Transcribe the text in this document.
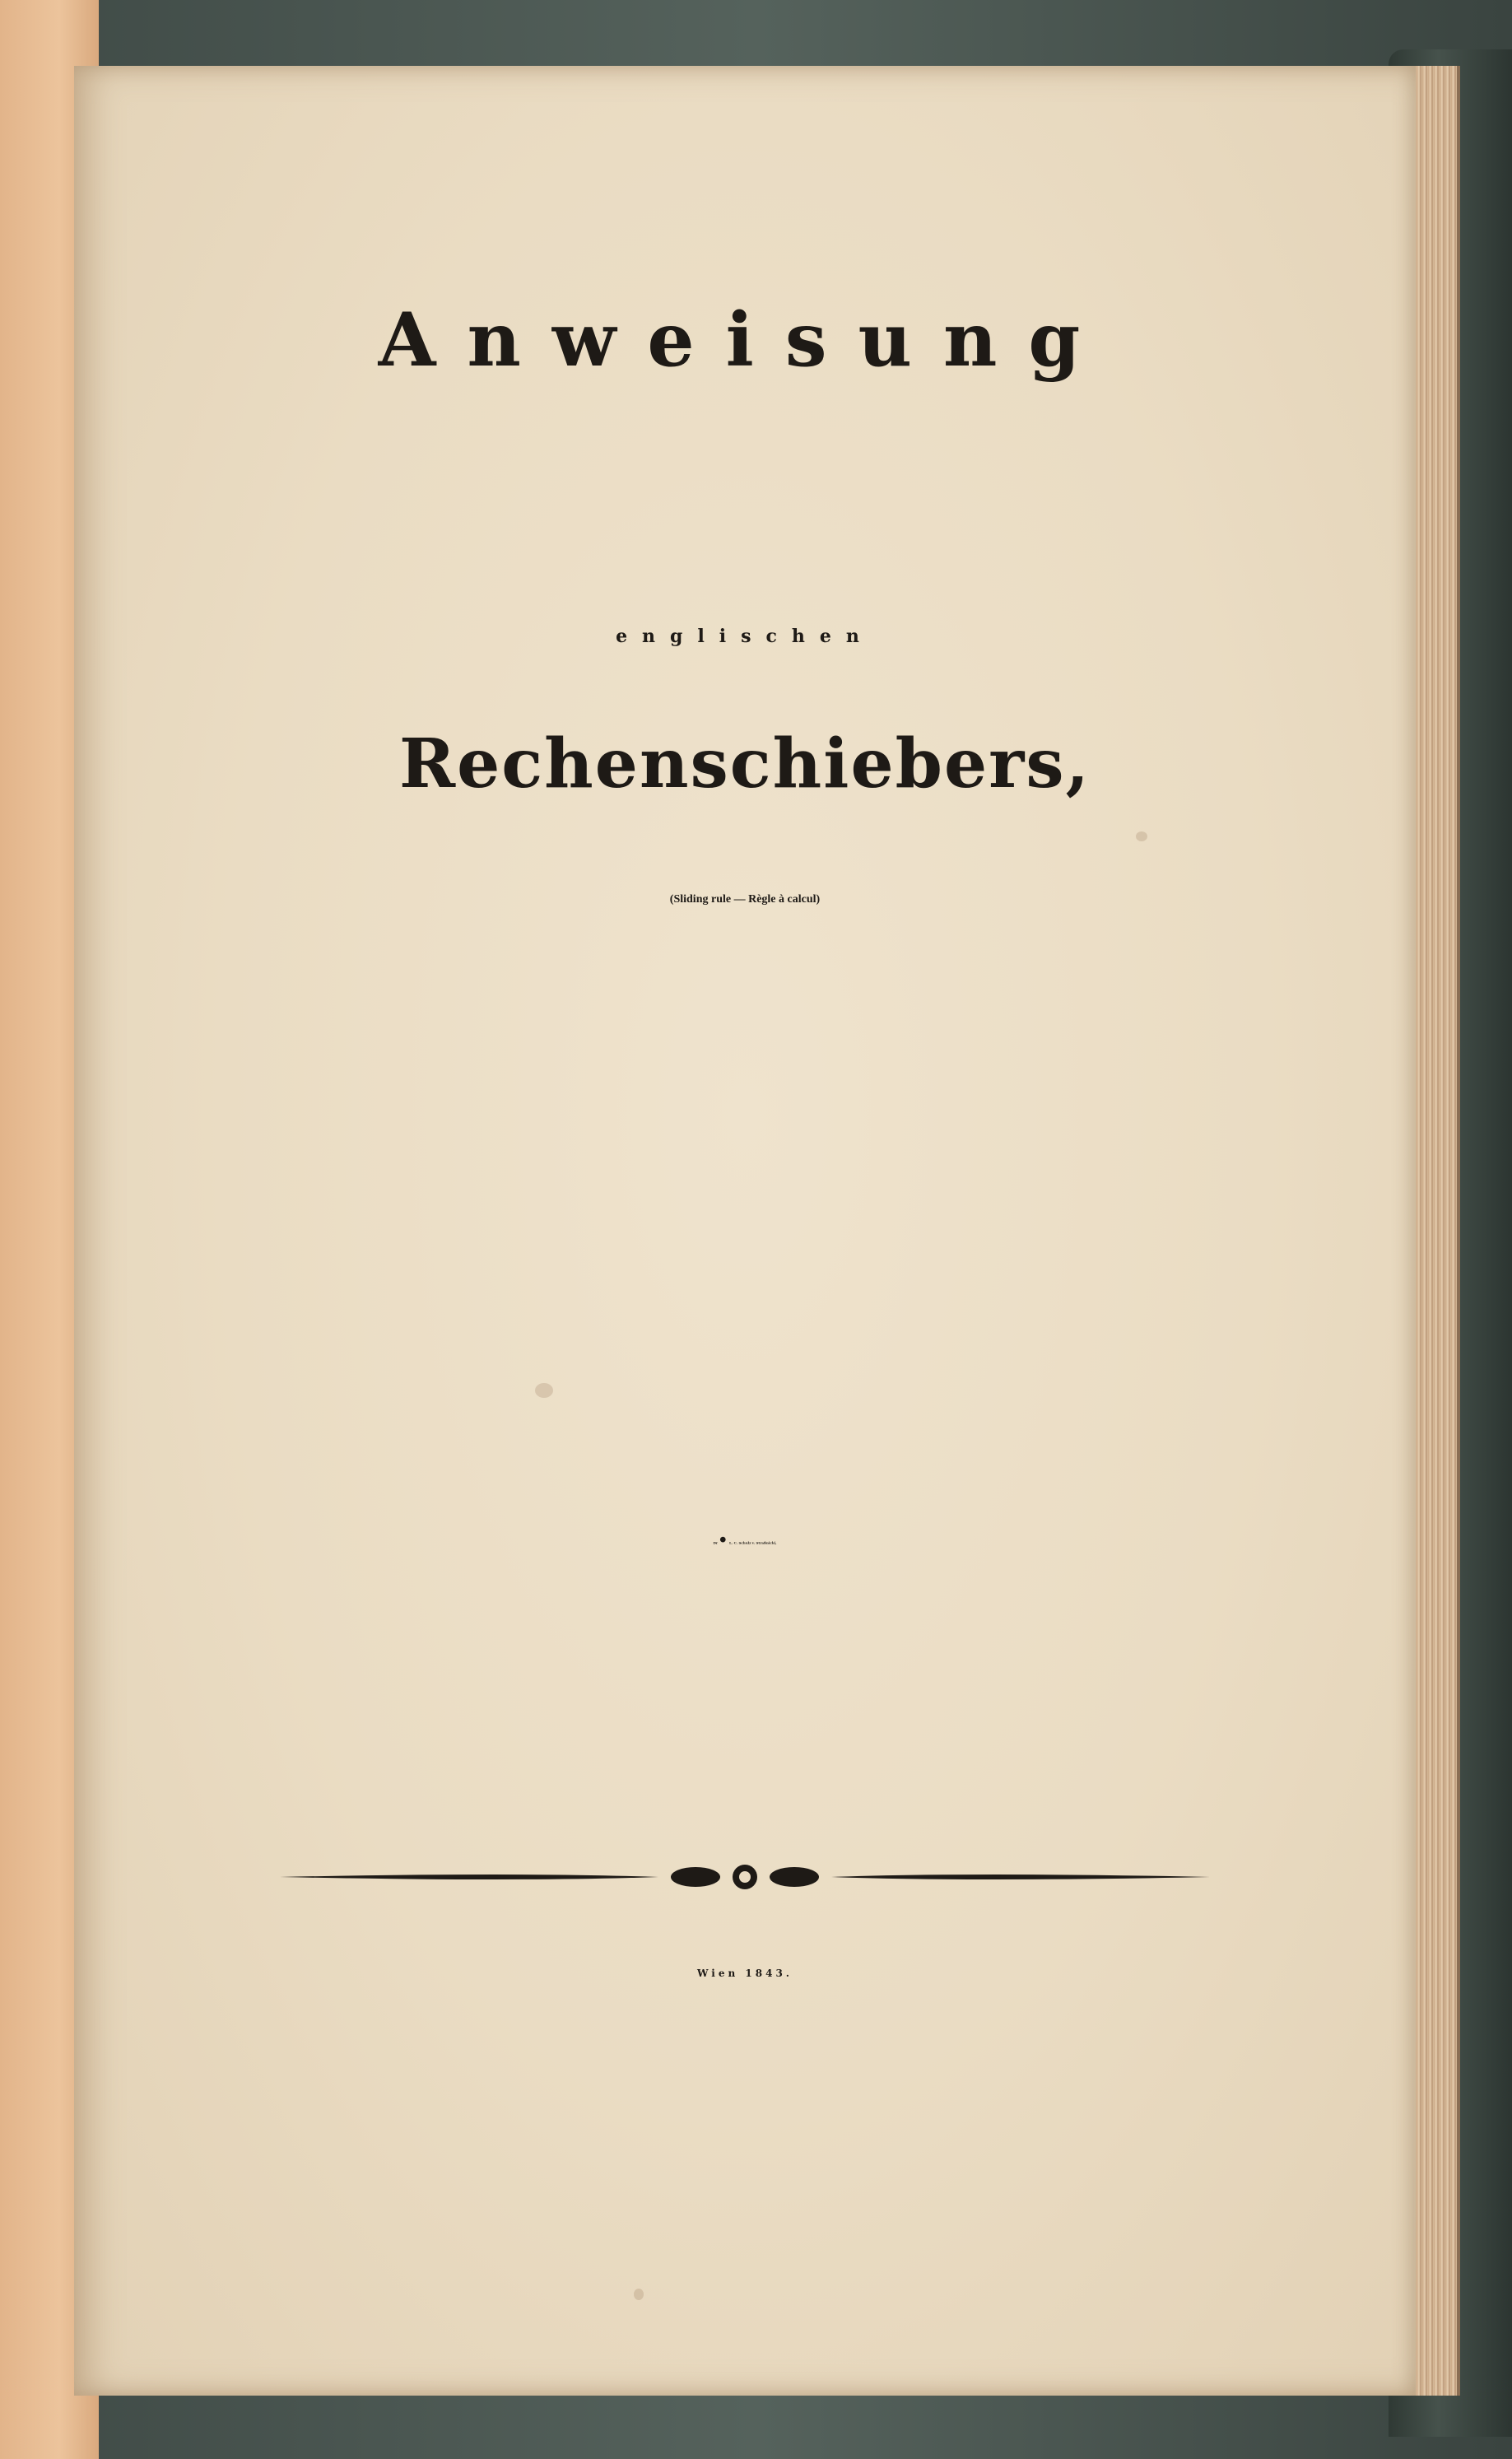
Anweisung
englischen
Rechenschiebers,
(Sliding rule — Règle à calcul)
Dr. L. C. Schulz v. Straßnicki,
Wien 1843.
